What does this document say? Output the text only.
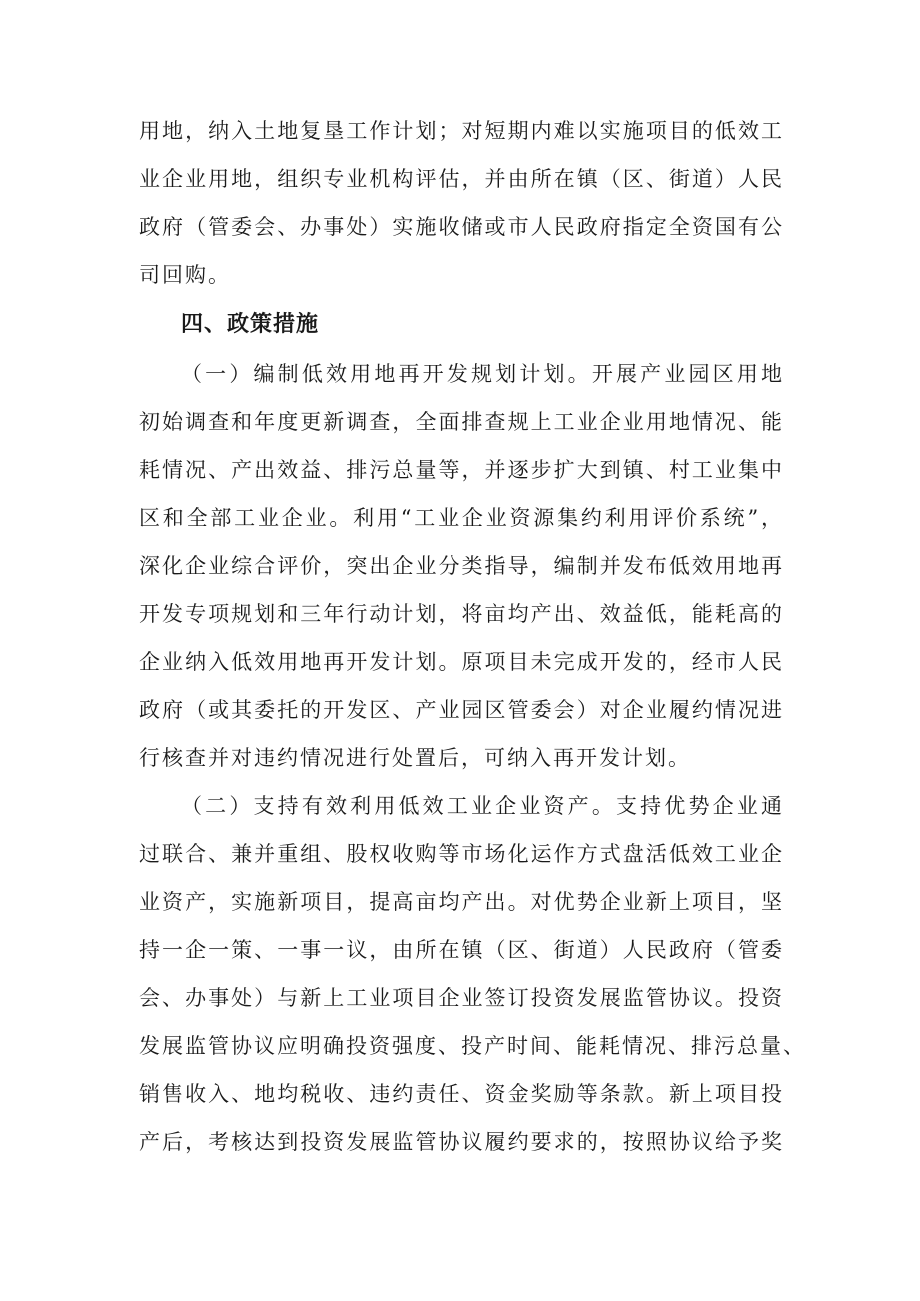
用地，纳入土地复垦工作计划；对短期内难以实施项目的低效工
业企业用地，组织专业机构评估，并由所在镇（区、街道）人民
政府（管委会、办事处）实施收储或市人民政府指定全资国有公
司回购。
四、政策措施
（一）编制低效用地再开发规划计划。开展产业园区用地
初始调查和年度更新调查，全面排查规上工业企业用地情况、能
耗情况、产出效益、排污总量等，并逐步扩大到镇、村工业集中
区和全部工业企业。利用“工业企业资源集约利用评价系统”，
深化企业综合评价，突出企业分类指导，编制并发布低效用地再
开发专项规划和三年行动计划，将亩均产出、效益低，能耗高的
企业纳入低效用地再开发计划。原项目未完成开发的，经市人民
政府（或其委托的开发区、产业园区管委会）对企业履约情况进
行核查并对违约情况进行处置后，可纳入再开发计划。
（二）支持有效利用低效工业企业资产。支持优势企业通
过联合、兼并重组、股权收购等市场化运作方式盘活低效工业企
业资产，实施新项目，提高亩均产出。对优势企业新上项目，坚
持一企一策、一事一议，由所在镇（区、街道）人民政府（管委
会、办事处）与新上工业项目企业签订投资发展监管协议。投资
发展监管协议应明确投资强度、投产时间、能耗情况、排污总量、
销售收入、地均税收、违约责任、资金奖励等条款。新上项目投
产后，考核达到投资发展监管协议履约要求的，按照协议给予奖
